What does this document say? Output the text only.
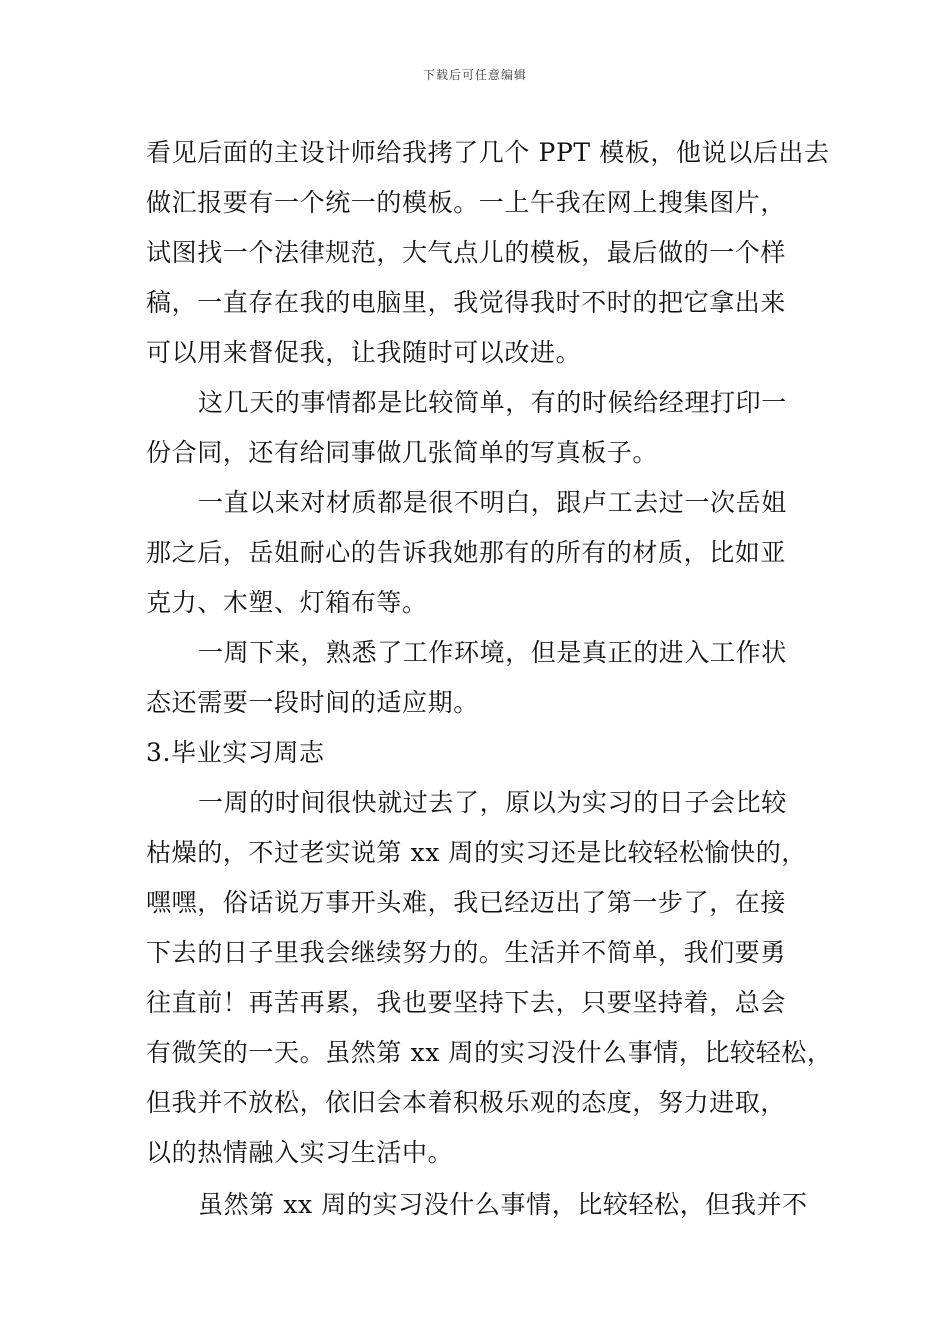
下载后可任意编辑
看见后面的主设计师给我拷了几个 PPT 模板，他说以后出去
做汇报要有一个统一的模板。一上午我在网上搜集图片，
试图找一个法律规范，大气点儿的模板，最后做的一个样
稿，一直存在我的电脑里，我觉得我时不时的把它拿出来
可以用来督促我，让我随时可以改进。
这几天的事情都是比较简单，有的时候给经理打印一
份合同，还有给同事做几张简单的写真板子。
一直以来对材质都是很不明白，跟卢工去过一次岳姐
那之后，岳姐耐心的告诉我她那有的所有的材质，比如亚
克力、木塑、灯箱布等。
一周下来，熟悉了工作环境，但是真正的进入工作状
态还需要一段时间的适应期。
3.毕业实习周志
一周的时间很快就过去了，原以为实习的日子会比较
枯燥的，不过老实说第 xx 周的实习还是比较轻松愉快的，
嘿嘿，俗话说万事开头难，我已经迈出了第一步了，在接
下去的日子里我会继续努力的。生活并不简单，我们要勇
往直前！再苦再累，我也要坚持下去，只要坚持着，总会
有微笑的一天。虽然第 xx 周的实习没什么事情，比较轻松，
但我并不放松，依旧会本着积极乐观的态度，努力进取，
以的热情融入实习生活中。
虽然第 xx 周的实习没什么事情，比较轻松，但我并不
